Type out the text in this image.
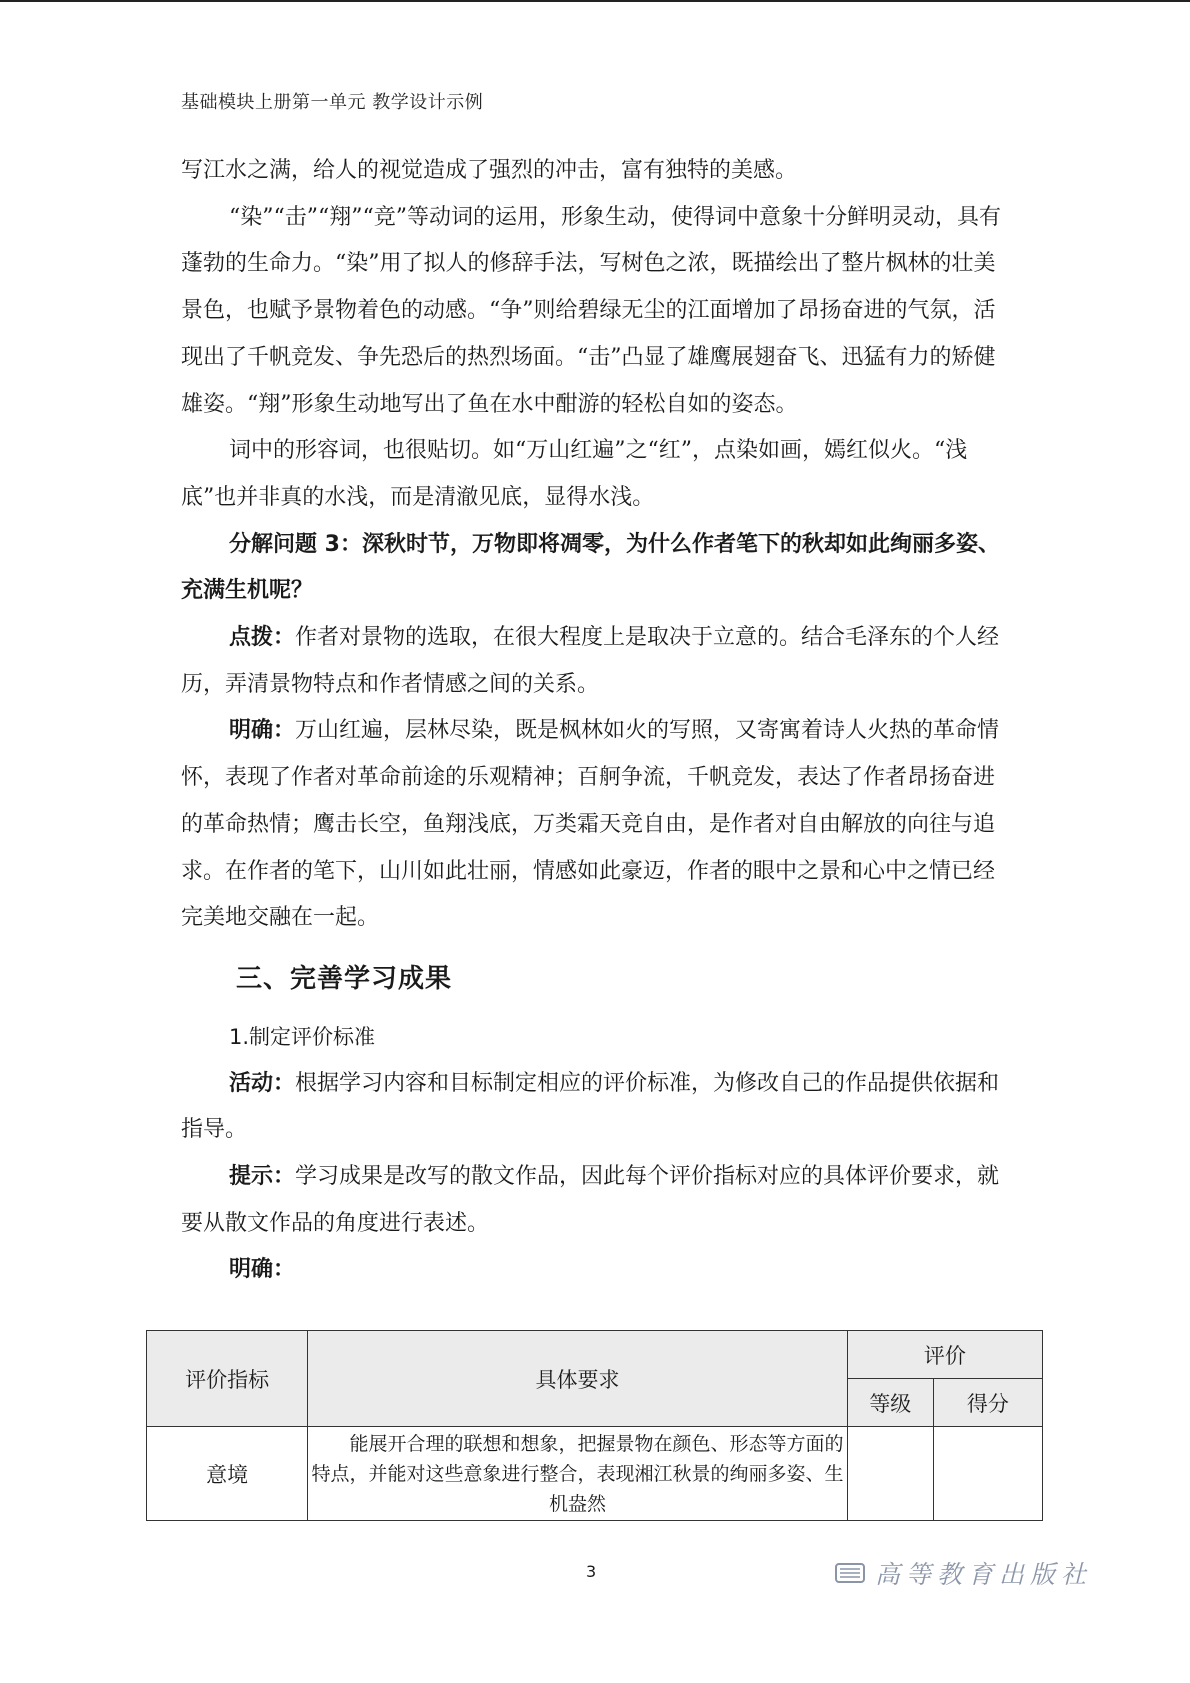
基础模块上册第一单元 教学设计示例

写江水之满，给人的视觉造成了强烈的冲击，富有独特的美感。

“染”“击”“翔”“竞”等动词的运用，形象生动，使得词中意象十分鲜明灵动，具有蓬勃的生命力。“染”用了拟人的修辞手法，写树色之浓，既描绘出了整片枫林的壮美景色，也赋予景物着色的动感。“争”则给碧绿无尘的江面增加了昂扬奋进的气氛，活现出了千帆竞发、争先恐后的热烈场面。“击”凸显了雄鹰展翅奋飞、迅猛有力的矫健雄姿。“翔”形象生动地写出了鱼在水中酣游的轻松自如的姿态。

词中的形容词，也很贴切。如“万山红遍”之“红”，点染如画，嫣红似火。“浅底”也并非真的水浅，而是清澈见底，显得水浅。

分解问题 3：深秋时节，万物即将凋零，为什么作者笔下的秋却如此绚丽多姿、充满生机呢？

点拨：作者对景物的选取，在很大程度上是取决于立意的。结合毛泽东的个人经历，弄清景物特点和作者情感之间的关系。

明确：万山红遍，层林尽染，既是枫林如火的写照，又寄寓着诗人火热的革命情怀，表现了作者对革命前途的乐观精神；百舸争流，千帆竞发，表达了作者昂扬奋进的革命热情；鹰击长空，鱼翔浅底，万类霜天竞自由，是作者对自由解放的向往与追求。在作者的笔下，山川如此壮丽，情感如此豪迈，作者的眼中之景和心中之情已经完美地交融在一起。

三、完善学习成果

1.制定评价标准

活动：根据学习内容和目标制定相应的评价标准，为修改自己的作品提供依据和指导。

提示：学习成果是改写的散文作品，因此每个评价指标对应的具体评价要求，就要从散文作品的角度进行表述。

明确：

评价指标	具体要求	评价	
		等级	得分
意境	能展开合理的联想和想象，把握景物在颜色、形态等方面的特点，并能对这些意象进行整合，表现湘江秋景的绚丽多姿、生机盎然		
3	高等教育出版社
